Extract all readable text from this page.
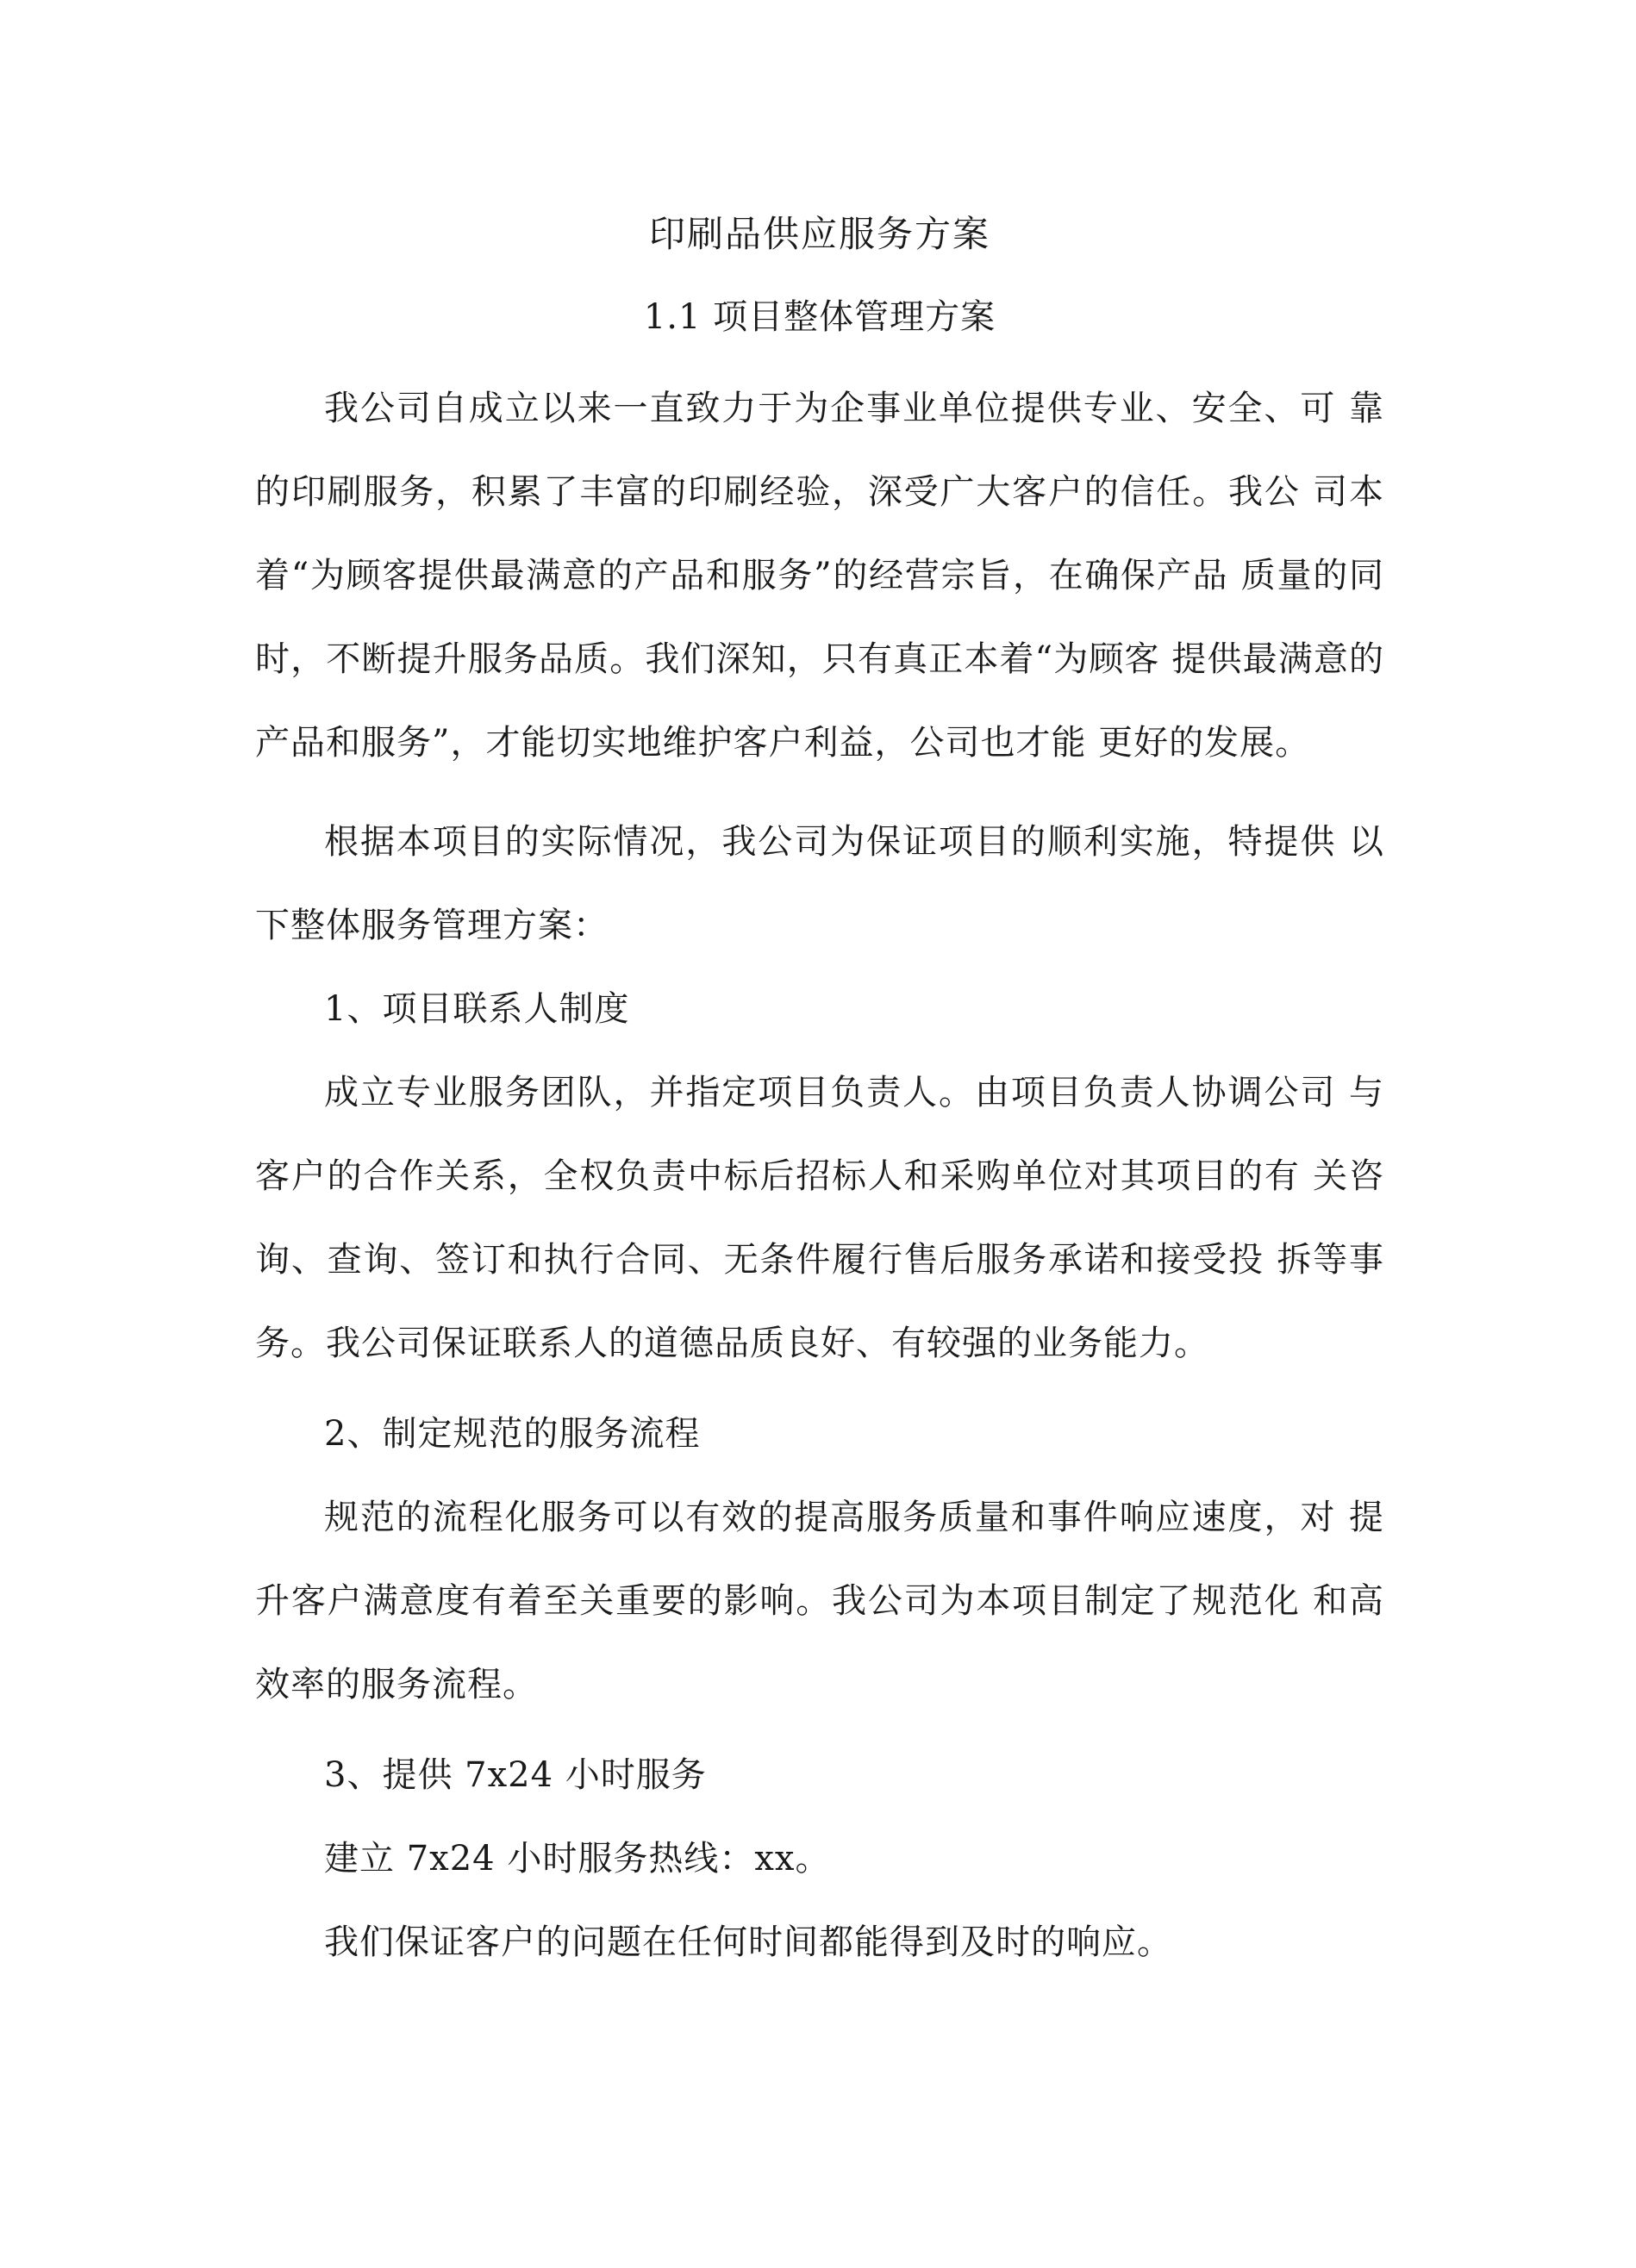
印刷品供应服务方案
1.1 项目整体管理方案

我公司自成立以来一直致力于为企事业单位提供专业、安全、可 靠的印刷服务，积累了丰富的印刷经验，深受广大客户的信任。我公 司本着“为顾客提供最满意的产品和服务”的经营宗旨，在确保产品 质量的同时，不断提升服务品质。我们深知，只有真正本着“为顾客 提供最满意的产品和服务”，才能切实地维护客户利益，公司也才能 更好的发展。

根据本项目的实际情况，我公司为保证项目的顺利实施，特提供 以下整体服务管理方案：

1、项目联系人制度

成立专业服务团队，并指定项目负责人。由项目负责人协调公司 与客户的合作关系，全权负责中标后招标人和采购单位对其项目的有 关咨询、查询、签订和执行合同、无条件履行售后服务承诺和接受投 拆等事务。我公司保证联系人的道德品质良好、有较强的业务能力。

2、制定规范的服务流程

规范的流程化服务可以有效的提高服务质量和事件响应速度，对 提升客户满意度有着至关重要的影响。我公司为本项目制定了规范化 和高效率的服务流程。

3、提供 7x24 小时服务

建立 7x24 小时服务热线：xx。

我们保证客户的问题在任何时间都能得到及时的响应。
